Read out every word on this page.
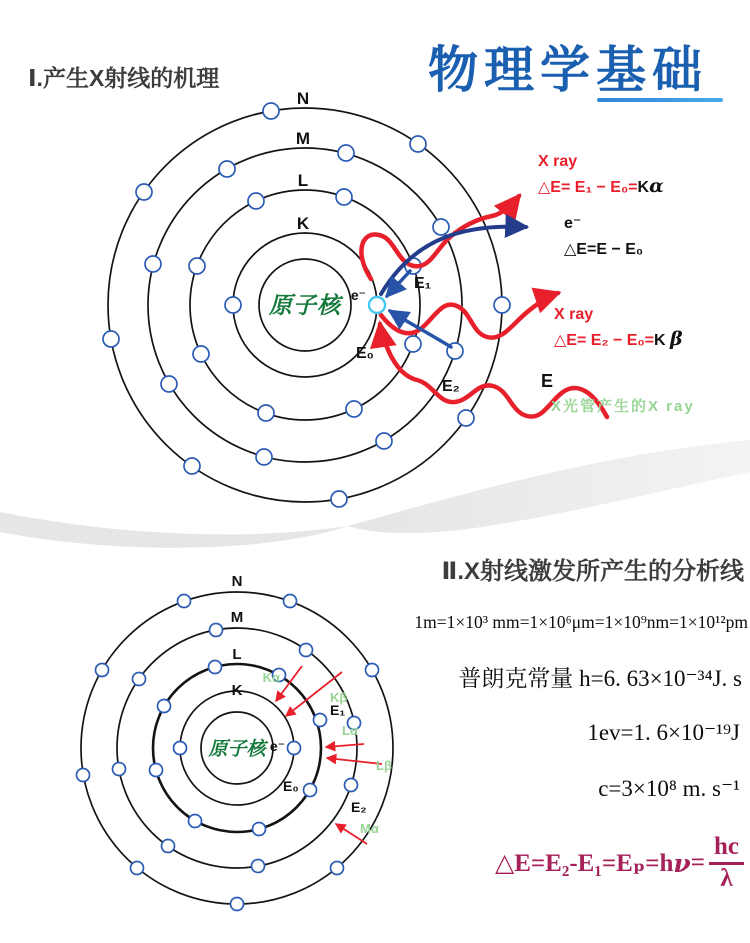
物理学基础
Ⅰ.产生X射线的机理
N
M
L
K
原子核 e⁻
E₀
E₁
E₂
X ray
△E= E₁ − E₀=Kα
e⁻
△E=E − E₀
X ray
△E= E₂ − E₀=K β
E
X光管产生的X ray
Ⅱ.X射线激发所产生的分析线
N
M
L
K
原子核 e⁻
E₀
E₁
E₂
Kα
Kβ
Lα
Lβ
Mα
1m=1×10³ mm=1×10⁶μm=1×10⁹nm=1×10¹²pm
普朗克常量 h=6. 63×10⁻³⁴J. s
1ev=1. 6×10⁻¹⁹J
c=3×10⁸ m. s⁻¹
△E=E₂-E₁=Eₚ=h $\nu = \frac{hc}{\lambda}$
